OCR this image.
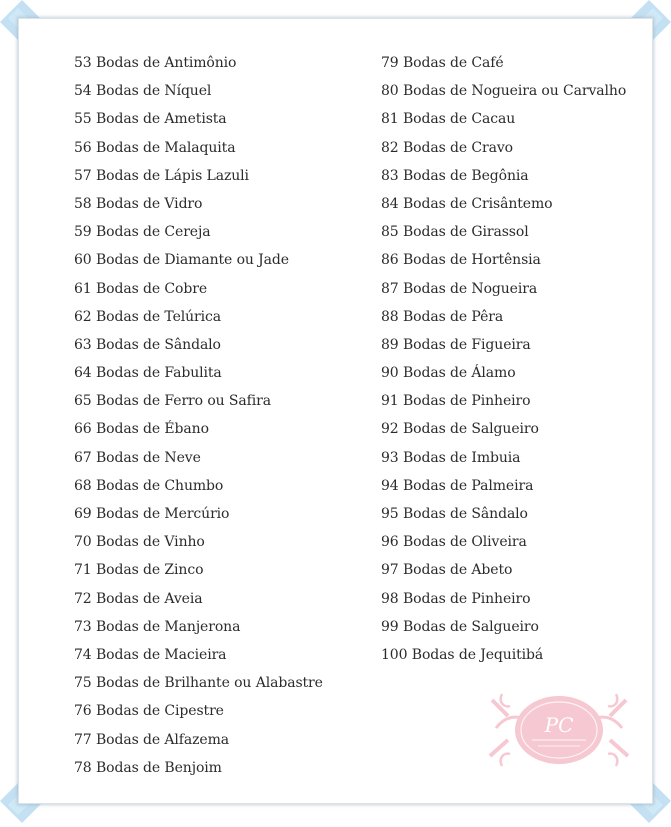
53 Bodas de Antimônio
54 Bodas de Níquel
55 Bodas de Ametista
56 Bodas de Malaquita
57 Bodas de Lápis Lazuli
58 Bodas de Vidro
59 Bodas de Cereja
60 Bodas de Diamante ou Jade
61 Bodas de Cobre
62 Bodas de Telúrica
63 Bodas de Sândalo
64 Bodas de Fabulita
65 Bodas de Ferro ou Safira
66 Bodas de Ébano
67 Bodas de Neve
68 Bodas de Chumbo
69 Bodas de Mercúrio
70 Bodas de Vinho
71 Bodas de Zinco
72 Bodas de Aveia
73 Bodas de Manjerona
74 Bodas de Macieira
75 Bodas de Brilhante ou Alabastre
76 Bodas de Cipestre
77 Bodas de Alfazema
78 Bodas de Benjoim
79 Bodas de Café
80 Bodas de Nogueira ou Carvalho
81 Bodas de Cacau
82 Bodas de Cravo
83 Bodas de Begônia
84 Bodas de Crisântemo
85 Bodas de Girassol
86 Bodas de Hortênsia
87 Bodas de Nogueira
88 Bodas de Pêra
89 Bodas de Figueira
90 Bodas de Álamo
91 Bodas de Pinheiro
92 Bodas de Salgueiro
93 Bodas de Imbuia
94 Bodas de Palmeira
95 Bodas de Sândalo
96 Bodas de Oliveira
97 Bodas de Abeto
98 Bodas de Pinheiro
99 Bodas de Salgueiro
100 Bodas de Jequitibá
PC
